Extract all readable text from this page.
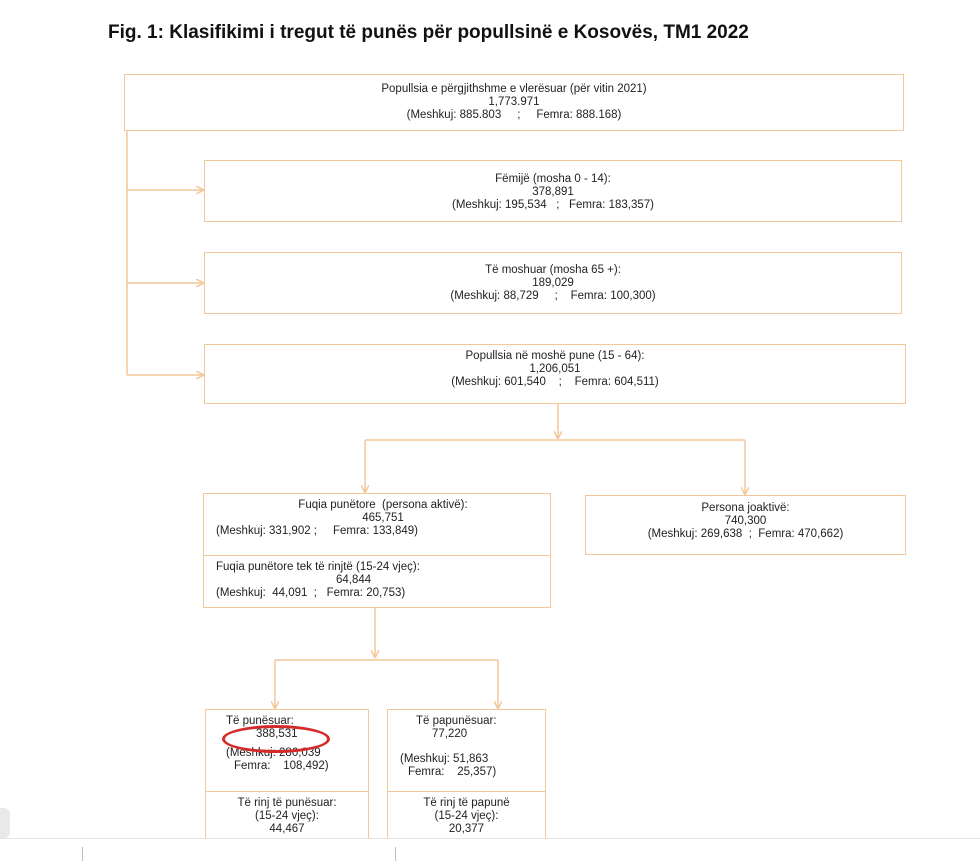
Fig. 1: Klasifikimi i tregut të punës për popullsinë e Kosovës, TM1 2022
Popullsia e përgjithshme e vlerësuar (për vitin 2021)
1,773.971
(Meshkuj: 885.803     ;     Femra: 888.168)
Fëmijë (mosha 0 - 14):
378,891
(Meshkuj: 195,534   ;   Femra: 183,357)
Të moshuar (mosha 65 +):
189,029
(Meshkuj: 88,729     ;    Femra: 100,300)
Popullsia në moshë pune (15 - 64):
1,206,051
(Meshkuj: 601,540    ;    Femra: 604,511)
Fuqia punëtore  (persona aktivë):
465,751
(Meshkuj: 331,902 ;     Femra: 133,849)
Fuqia punëtore tek të rinjtë (15-24 vjeç):
64,844
(Meshkuj:  44,091  ;   Femra: 20,753)
Persona joaktivë:
740,300
(Meshkuj: 269,638  ;  Femra: 470,662)
Të punësuar:
388,531
(Meshkuj: 280,039
Femra:    108,492)
Të papunësuar:
77,220
(Meshkuj: 51,863
Femra:    25,357)
Të rinj të punësuar:
(15-24 vjeç):
44,467
Të rinj të papunë
(15-24 vjeç):
20,377
